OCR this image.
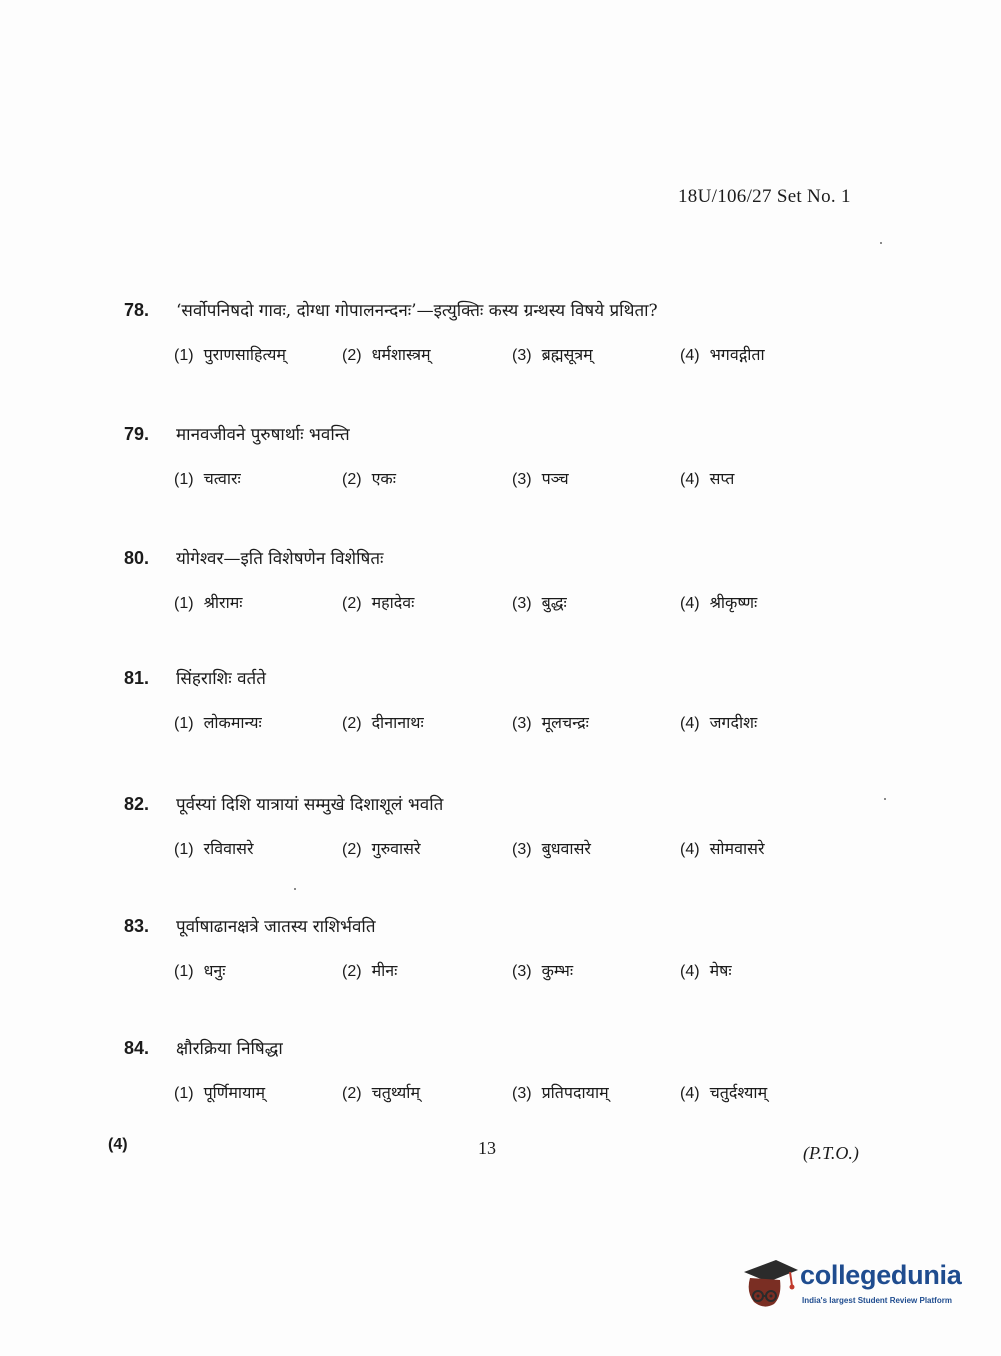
18U/106/27 Set No. 1
78.	‘सर्वोपनिषदो गावः, दोग्धा गोपालनन्दनः’—इत्युक्तिः कस्य ग्रन्थस्य विषये प्रथिता?
(1) पुराणसाहित्यम्	(2) धर्मशास्त्रम्	(3) ब्रह्मसूत्रम्	(4) भगवद्गीता
79.	मानवजीवने पुरुषार्थाः भवन्ति
(1) चत्वारः	(2) एकः	(3) पञ्च	(4) सप्त
80.	योगेश्वर—इति विशेषणेन विशेषितः
(1) श्रीरामः	(2) महादेवः	(3) बुद्धः	(4) श्रीकृष्णः
81.	सिंहराशिः वर्तते
(1) लोकमान्यः	(2) दीनानाथः	(3) मूलचन्द्रः	(4) जगदीशः
82.	पूर्वस्यां दिशि यात्रायां सम्मुखे दिशाशूलं भवति
(1) रविवासरे	(2) गुरुवासरे	(3) बुधवासरे	(4) सोमवासरे
83.	पूर्वाषाढानक्षत्रे जातस्य राशिर्भवति
(1) धनुः	(2) मीनः	(3) कुम्भः	(4) मेषः
84.	क्षौरक्रिया निषिद्धा
(1) पूर्णिमायाम्	(2) चतुर्थ्याम्	(3) प्रतिपदायाम्	(4) चतुर्दश्याम्
(4)	13	(P.T.O.)
collegedunia
India's largest Student Review Platform
